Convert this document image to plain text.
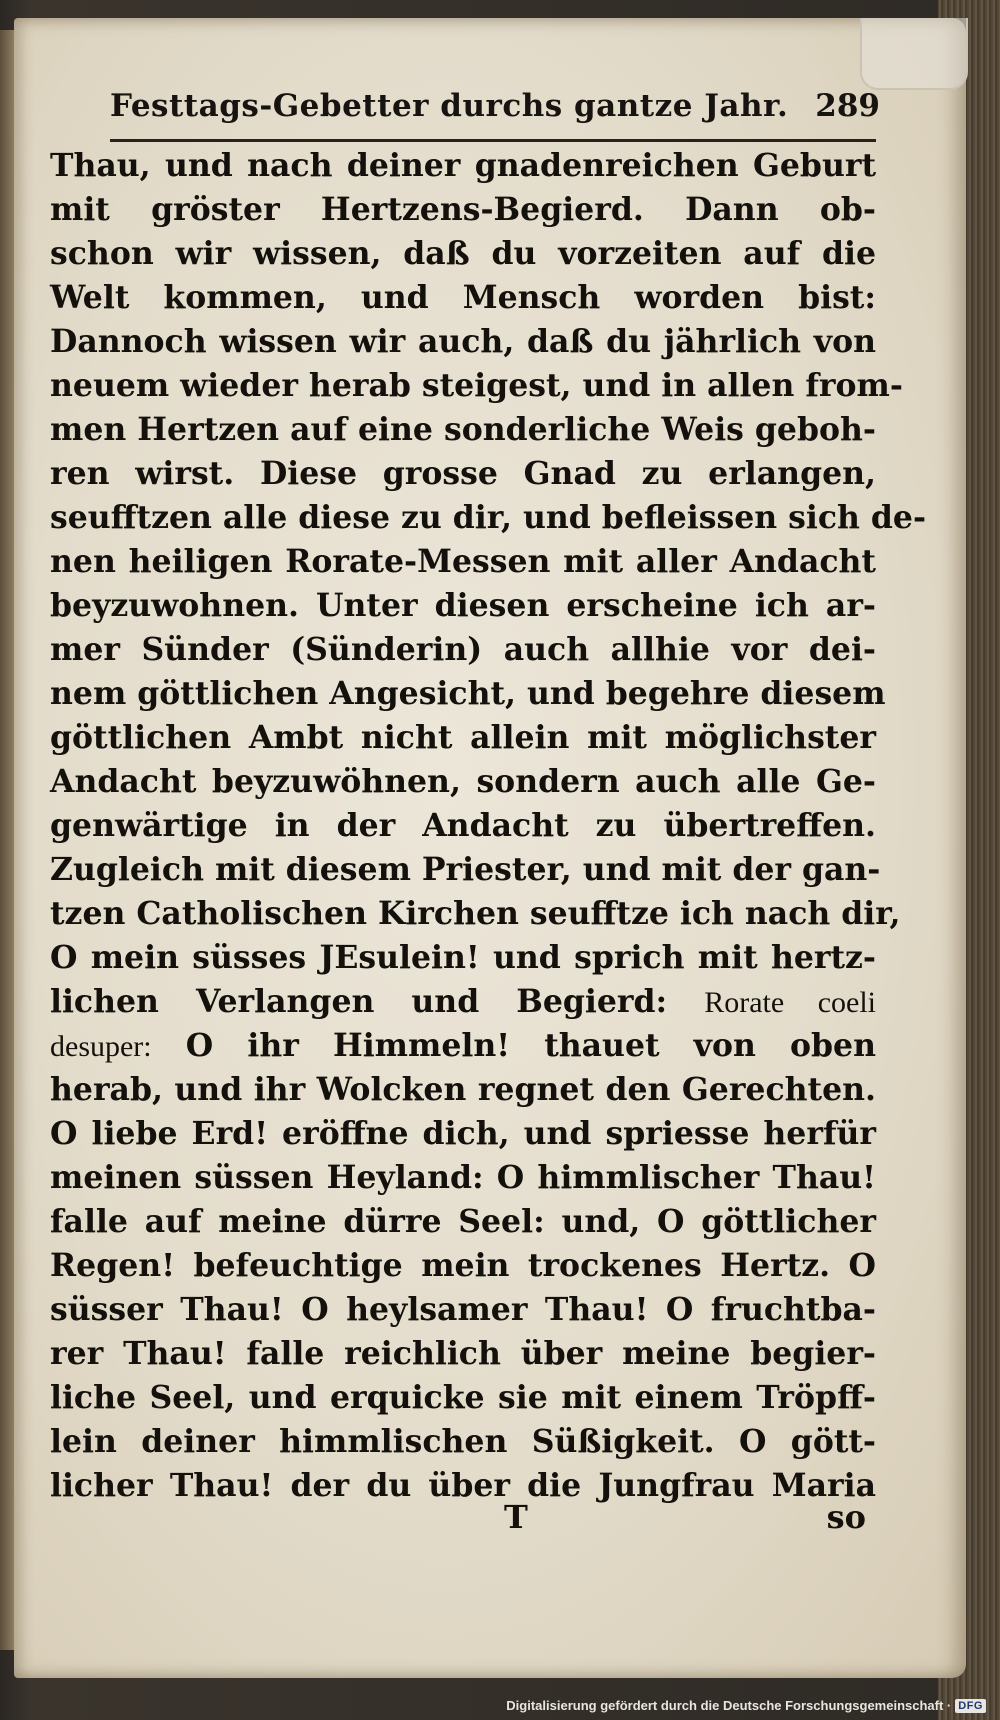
Festtags-Gebetter durchs gantze Jahr. 289
Thau, und nach deiner gnadenreichen Geburt
mit gröster Hertzens-Begierd. Dann ob-
schon wir wissen, daß du vorzeiten auf die
Welt kommen, und Mensch worden bist:
Dannoch wissen wir auch, daß du jährlich von
neuem wieder herab steigest, und in allen from-
men Hertzen auf eine sonderliche Weis geboh-
ren wirst. Diese grosse Gnad zu erlangen,
seufftzen alle diese zu dir, und befleissen sich de-
nen heiligen Rorate-Messen mit aller Andacht
beyzuwohnen. Unter diesen erscheine ich ar-
mer Sünder (Sünderin) auch allhie vor dei-
nem göttlichen Angesicht, und begehre diesem
göttlichen Ambt nicht allein mit möglichster
Andacht beyzuwöhnen, sondern auch alle Ge-
genwärtige in der Andacht zu übertreffen.
Zugleich mit diesem Priester, und mit der gan-
tzen Catholischen Kirchen seufftze ich nach dir,
O mein süsses JEsulein! und sprich mit hertz-
lichen Verlangen und Begierd: Rorate coeli
desuper: O ihr Himmeln! thauet von oben
herab, und ihr Wolcken regnet den Gerechten.
O liebe Erd! eröffne dich, und spriesse herfür
meinen süssen Heyland: O himmlischer Thau!
falle auf meine dürre Seel: und, O göttlicher
Regen! befeuchtige mein trockenes Hertz. O
süsser Thau! O heylsamer Thau! O fruchtba-
rer Thau! falle reichlich über meine begier-
liche Seel, und erquicke sie mit einem Tröpff-
lein deiner himmlischen Süßigkeit. O gött-
licher Thau! der du über die Jungfrau Maria
T	so
Digitalisierung gefördert durch die Deutsche Forschungsgemeinschaft · DFG
